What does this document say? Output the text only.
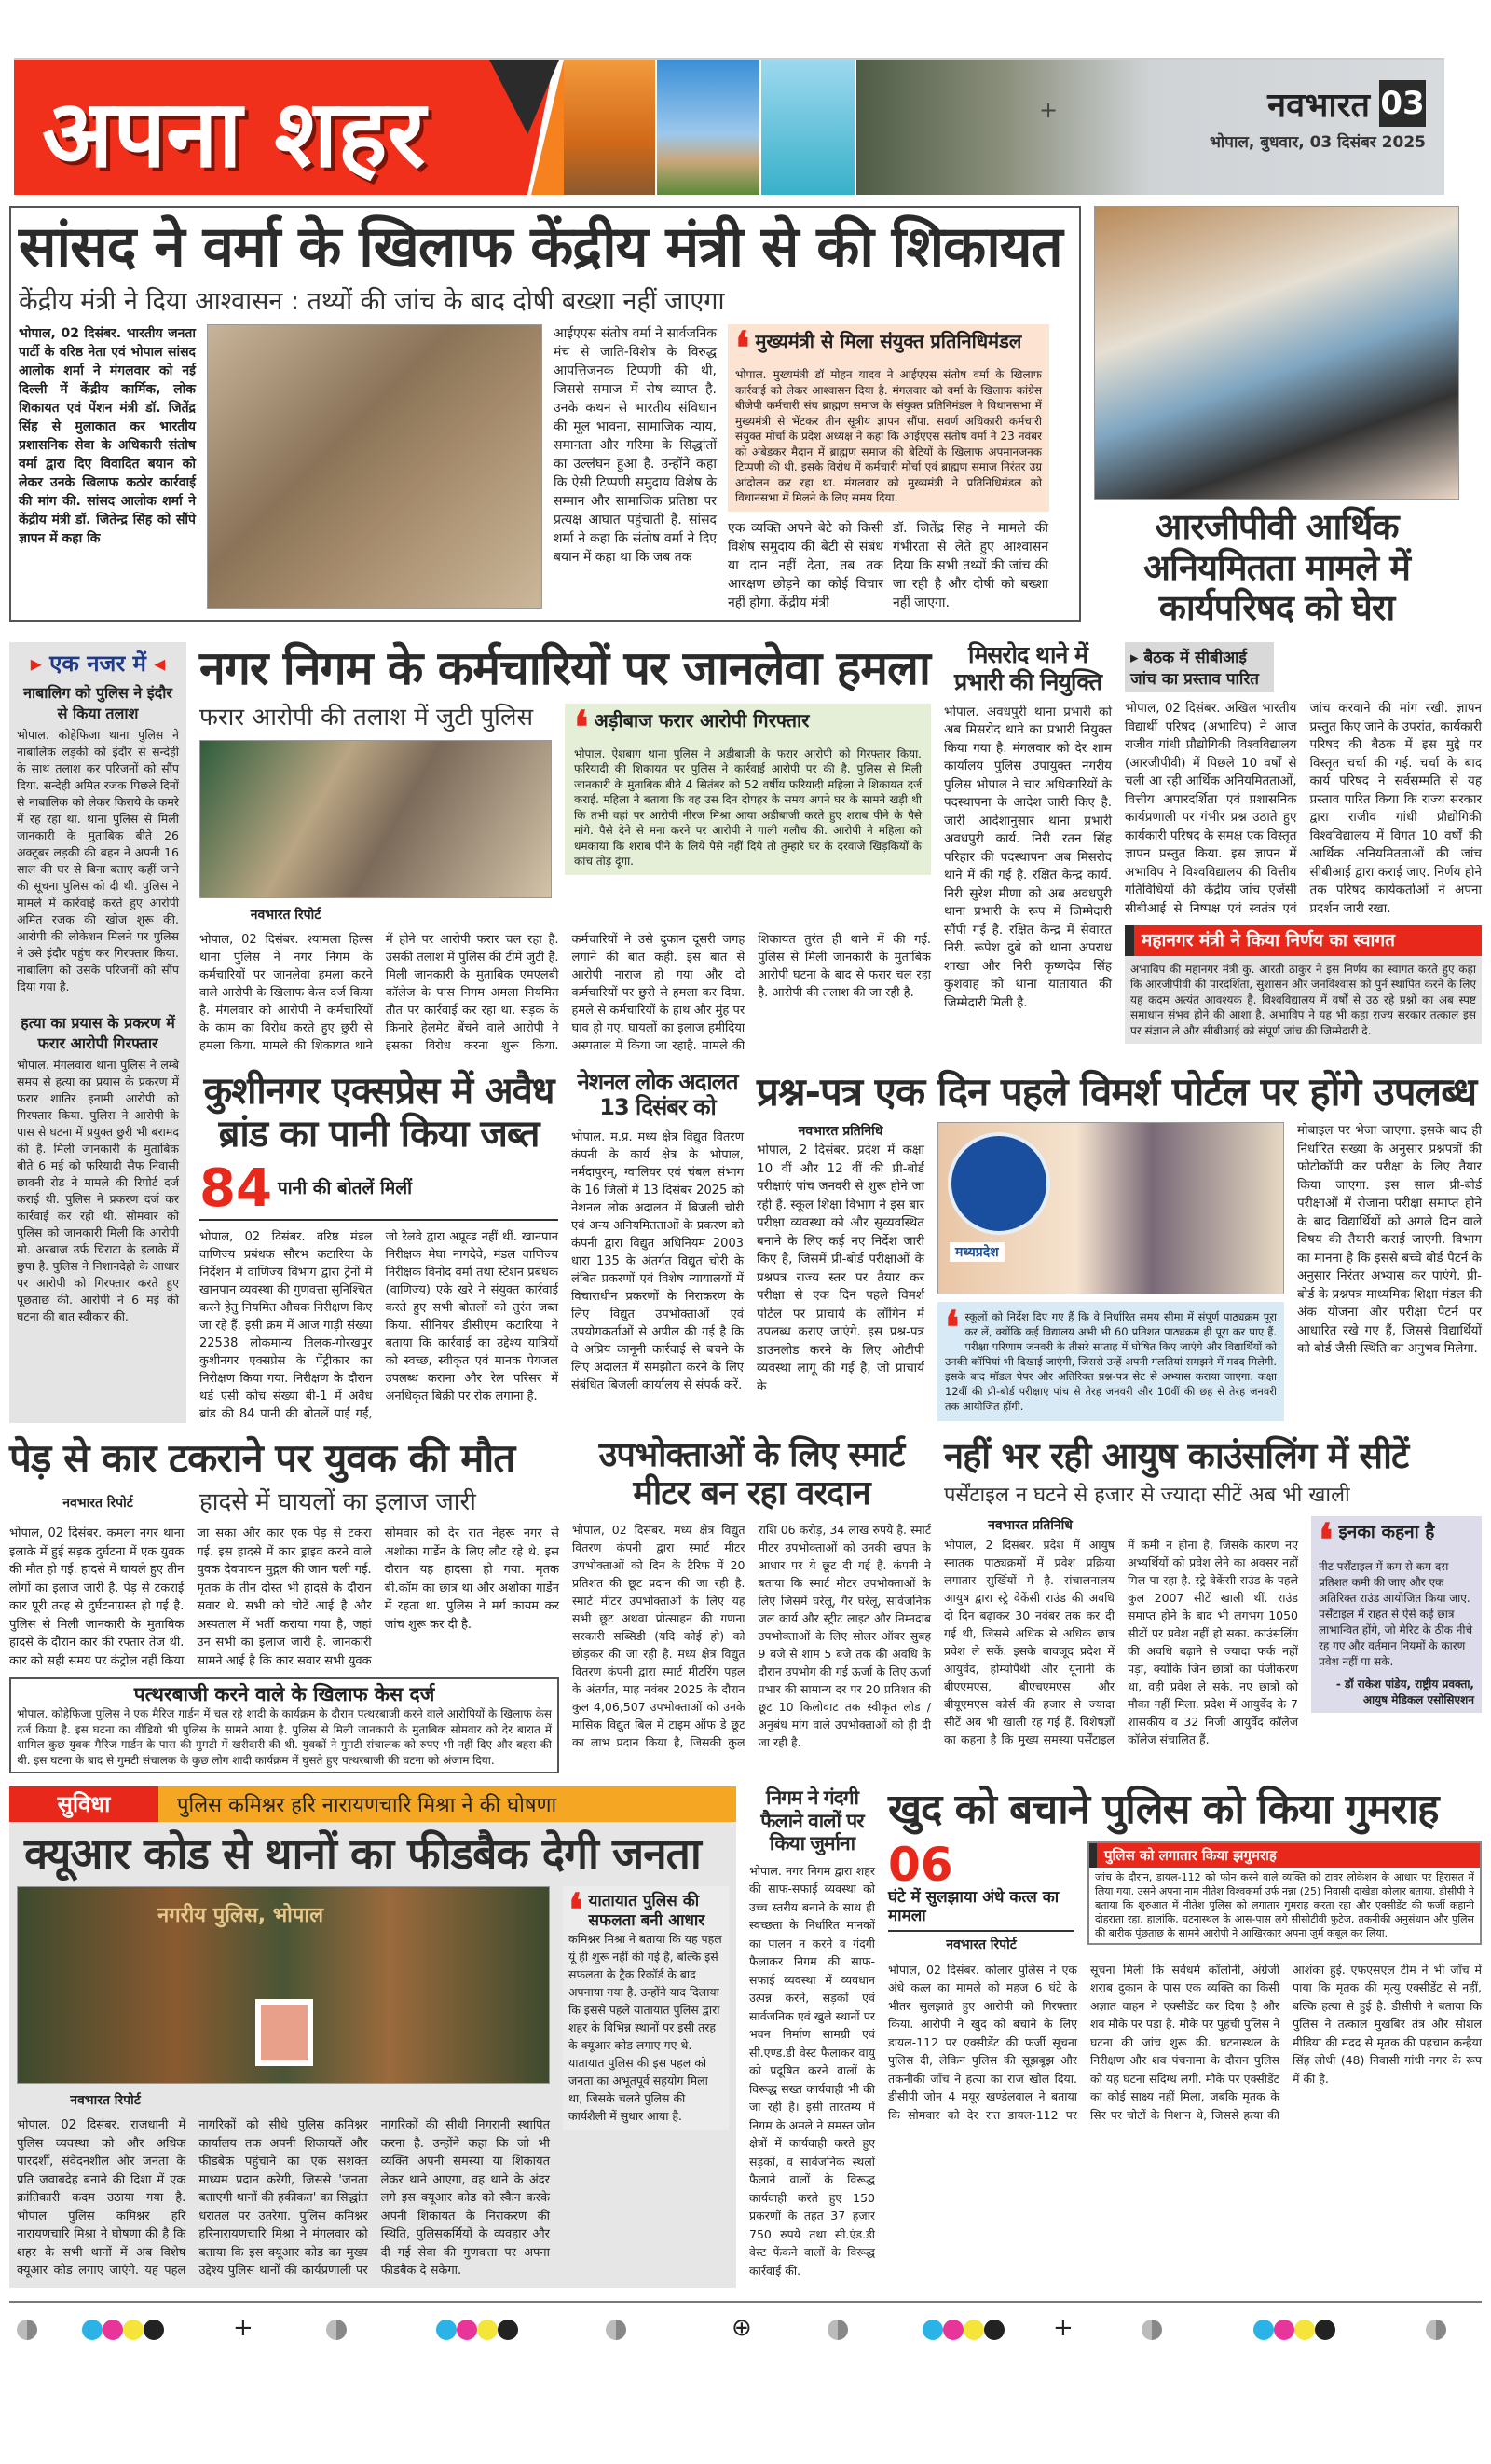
अपना शहर	+	नवभारत 03
भोपाल, बुधवार, 03 दिसंबर 2025
सांसद ने वर्मा के खिलाफ केंद्रीय मंत्री से की शिकायत
केंद्रीय मंत्री ने दिया आश्वासन : तथ्यों की जांच के बाद दोषी बख्शा नहीं जाएगा
भोपाल, 02 दिसंबर. भारतीय जनता पार्टी के वरिष्ठ नेता एवं भोपाल सांसद आलोक शर्मा ने मंगलवार को नई दिल्ली में केंद्रीय कार्मिक, लोक शिकायत एवं पेंशन मंत्री डॉ. जितेंद्र सिंह से मुलाकात कर भारतीय प्रशासनिक सेवा के अधिकारी संतोष वर्मा द्वारा दिए विवादित बयान को लेकर उनके खिलाफ कठोर कार्रवाई की मांग की. सांसद आलोक शर्मा ने केंद्रीय मंत्री डॉ. जितेन्द्र सिंह को सौंपे ज्ञापन में कहा कि
आईएएस संतोष वर्मा ने सार्वजनिक मंच से जाति-विशेष के विरुद्ध आपत्तिजनक टिप्पणी की थी, जिससे समाज में रोष व्याप्त है. उनके कथन से भारतीय संविधान की मूल भावना, सामाजिक न्याय, समानता और गरिमा के सिद्धांतों का उल्लंघन हुआ है. उन्होंने कहा कि ऐसी टिप्पणी समुदाय विशेष के सम्मान और सामाजिक प्रतिष्ठा पर प्रत्यक्ष आघात पहुंचाती है. सांसद शर्मा ने कहा कि संतोष वर्मा ने दिए बयान में कहा था कि जब तक
❛ मुख्यमंत्री से मिला संयुक्त प्रतिनिधिमंडल
भोपाल. मुख्यमंत्री डॉ मोहन यादव ने आईएएस संतोष वर्मा के खिलाफ कार्रवाई को लेकर आश्वासन दिया है. मंगलवार को वर्मा के खिलाफ कांग्रेस बीजेपी कर्मचारी संघ ब्राह्मण समाज के संयुक्त प्रतिनिमंडल ने विधानसभा में मुख्यमंत्री से भेंटकर तीन सूत्रीय ज्ञापन सौंपा. सवर्ण अधिकारी कर्मचारी संयुक्त मोर्चा के प्रदेश अध्यक्ष ने कहा कि आईएएस संतोष वर्मा ने 23 नवंबर को अंबेडकर मैदान में ब्राह्मण समाज की बेटियों के खिलाफ अपमानजनक टिप्पणी की थी. इसके विरोध में कर्मचारी मोर्चा एवं ब्राह्मण समाज निरंतर उग्र आंदोलन कर रहा था. मंगलवार को मुख्यमंत्री ने प्रतिनिधिमंडल को विधानसभा में मिलने के लिए समय दिया.
एक व्यक्ति अपने बेटे को किसी विशेष समुदाय की बेटी से संबंध या दान नहीं देता, तब तक आरक्षण छोड़ने का कोई विचार नहीं होगा. केंद्रीय मंत्री
डॉ. जितेंद्र सिंह ने मामले की गंभीरता से लेते हुए आश्वासन दिया कि सभी तथ्यों की जांच की जा रही है और दोषी को बख्शा नहीं जाएगा.
आरजीपीवी आर्थिक अनियमितता मामले में कार्यपरिषद को घेरा
▸ एक नजर में ◂
नाबालिग को पुलिस ने इंदौर से किया तलाश
भोपाल. कोहेफिजा थाना पुलिस ने नाबालिक लड़की को इंदौर से सन्देही के साथ तलाश कर परिजनों को सौंप दिया. सन्देही अमित रजक पिछले दिनों से नाबालिक को लेकर किराये के कमरे में रह रहा था. थाना पुलिस से मिली जानकारी के मुताबिक बीते 26 अक्टूबर लड़की की बहन ने अपनी 16 साल की घर से बिना बताए कहीं जाने की सूचना पुलिस को दी थी. पुलिस ने मामले में कार्रवाई करते हुए आरोपी अमित रजक की खोज शुरू की. आरोपी की लोकेशन मिलने पर पुलिस ने उसे इंदौर पहुंच कर गिरफ्तार किया. नाबालिग को उसके परिजनों को सौंप दिया गया है.
हत्या का प्रयास के प्रकरण में फरार आरोपी गिरफ्तार
भोपाल. मंगलवारा थाना पुलिस ने लम्बे समय से हत्या का प्रयास के प्रकरण में फरार शातिर इनामी आरोपी को गिरफ्तार किया. पुलिस ने आरोपी के पास से घटना में प्रयुक्त छुरी भी बरामद की है. मिली जानकारी के मुताबिक बीते 6 मई को फरियादी सैफ निवासी छावनी रोड ने मामले की रिपोर्ट दर्ज कराई थी. पुलिस ने प्रकरण दर्ज कर कार्रवाई कर रही थी. सोमवार को पुलिस को जानकारी मिली कि आरोपी मो. अरबाज उर्फ चिराटा के इलाके में छुपा है. पुलिस ने निशानदेही के आधार पर आरोपी को गिरफ्तार करते हुए पूछताछ की. आरोपी ने 6 मई की घटना की बात स्वीकार की.
नगर निगम के कर्मचारियों पर जानलेवा हमला
फरार आरोपी की तलाश में जुटी पुलिस ❛ अड़ीबाज फरार आरोपी गिरफ्तार
भोपाल. ऐशबाग थाना पुलिस ने अडीबाजी के फरार आरोपी को गिरफ्तार किया. फरियादी की शिकायत पर पुलिस ने कार्रवाई आरोपी पर की है. पुलिस से मिली जानकारी के मुताबिक बीते 4 सितंबर को 52 वर्षीय फरियादी महिला ने शिकायत दर्ज कराई. महिला ने बताया कि वह उस दिन दोपहर के समय अपने घर के सामने खड़ी थी कि तभी वहां पर आरोपी नीरज मिश्रा आया अडीबाजी करते हुए शराब पीने के पैसे मांगे. पैसे देने से मना करने पर आरोपी ने गाली गलौच की. आरोपी ने महिला को धमकाया कि शराब पीने के लिये पैसे नहीं दिये तो तुम्हारे घर के दरवाजे खिड़कियों के कांच तोड़ दूंगा.
नवभारत रिपोर्ट
भोपाल, 02 दिसंबर. श्यामला हिल्स थाना पुलिस ने नगर निगम के कर्मचारियों पर जानलेवा हमला करने वाले आरोपी के खिलाफ केस दर्ज किया है. मंगलवार को आरोपी ने कर्मचारियों के काम का विरोध करते हुए छुरी से हमला किया. मामले की शिकायत थाने में होने पर आरोपी फरार चल रहा है. उसकी तलाश में पुलिस की टीमें जुटी है. मिली जानकारी के मुताबिक एमएलबी कॉलेज के पास निगम अमला नियमित तौत पर कार्रवाई कर रहा था. सड़क के किनारे हेलमेट बेंचने वाले आरोपी ने इसका विरोध करना शुरू किया. कर्मचारियों ने उसे दुकान दूसरी जगह लगाने की बात कही. इस बात से आरोपी नाराज हो गया और दो कर्मचारियों पर छुरी से हमला कर दिया. हमले से कर्मचारियों के हाथ और मुंह पर घाव हो गए. घायलों का इलाज हमीदिया अस्पताल में किया जा रहाहै. मामले की शिकायत तुरंत ही थाने में की गई. पुलिस से मिली जानकारी के मुताबिक आरोपी घटना के बाद से फरार चल रहा है. आरोपी की तलाश की जा रही है.
मिसरोद थाने में प्रभारी की नियुक्ति
भोपाल. अवधपुरी थाना प्रभारी को अब मिसरोद थाने का प्रभारी नियुक्त किया गया है. मंगलवार को देर शाम कार्यालय पुलिस उपायुक्त नगरीय पुलिस भोपाल ने चार अधिकारियों के पदस्थापना के आदेश जारी किए है. जारी आदेशानुसार थाना प्रभारी अवधपुरी कार्य. निरी रतन सिंह परिहार की पदस्थापना अब मिसरोद थाने में की गई है. रक्षित केन्द्र कार्य. निरी सुरेश मीणा को अब अवधपुरी थाना प्रभारी के रूप में जिम्मेदारी सौंपी गई है. रक्षित केन्द्र में सेवारत निरी. रूपेश दुबे को थाना अपराध शाखा और निरी कृष्णदेव सिंह कुशवाह को थाना यातायात की जिम्मेदारी मिली है.
▸ बैठक में सीबीआई जांच का प्रस्ताव पारित
भोपाल, 02 दिसंबर. अखिल भारतीय विद्यार्थी परिषद (अभाविप) ने आज राजीव गांधी प्रौद्योगिकी विश्वविद्यालय (आरजीपीवी) में पिछले 10 वर्षों से चली आ रही आर्थिक अनियमितताओं, वित्तीय अपारदर्शिता एवं प्रशासनिक कार्यप्रणाली पर गंभीर प्रश्न उठाते हुए कार्यकारी परिषद के समक्ष एक विस्तृत ज्ञापन प्रस्तुत किया. इस ज्ञापन में अभाविप ने विश्वविद्यालय की वित्तीय गतिविधियों की केंद्रीय जांच एजेंसी सीबीआई से निष्पक्ष एवं स्वतंत्र एवं जांच करवाने की मांग रखी. ज्ञापन प्रस्तुत किए जाने के उपरांत, कार्यकारी परिषद की बैठक में इस मुद्दे पर विस्तृत चर्चा की गई. चर्चा के बाद कार्य परिषद ने सर्वसम्मति से यह प्रस्ताव पारित किया कि राज्य सरकार द्वारा राजीव गांधी प्रौद्योगिकी विश्वविद्यालय में विगत 10 वर्षों की आर्थिक अनियमितताओं की जांच सीबीआई द्वारा कराई जाए. निर्णय होने तक परिषद कार्यकर्ताओं ने अपना प्रदर्शन जारी रखा.
महानगर मंत्री ने किया निर्णय का स्वागत
अभाविप की महानगर मंत्री कु. आरती ठाकुर ने इस निर्णय का स्वागत करते हुए कहा कि आरजीपीवी की पारदर्शिता, सुशासन और जनविश्वास को पुर्न स्थापित करने के लिए यह कदम अत्यंत आवश्यक है. विश्वविद्यालय में वर्षों से उठ रहे प्रश्नों का अब स्पष्ट समाधान संभव होने की आशा है. अभाविप ने यह भी कहा राज्य सरकार तत्काल इस पर संज्ञान ले और सीबीआई को संपूर्ण जांच की जिम्मेदारी दे.
कुशीनगर एक्सप्रेस में अवैध ब्रांड का पानी किया जब्त
84 पानी की बोतलें मिलीं
भोपाल, 02 दिसंबर. वरिष्ठ मंडल वाणिज्य प्रबंधक सौरभ कटारिया के निर्देशन में वाणिज्य विभाग द्वारा ट्रेनों में खानपान व्यवस्था की गुणवत्ता सुनिश्चित करने हेतु नियमित औचक निरीक्षण किए जा रहे हैं. इसी क्रम में आज गाड़ी संख्या 22538 लोकमान्य तिलक-गोरखपुर कुशीनगर एक्सप्रेस के पेंट्रीकार का निरीक्षण किया गया. निरीक्षण के दौरान थर्ड एसी कोच संख्या बी-1 में अवैध ब्रांड की 84 पानी की बोतलें पाई गईं, जो रेलवे द्वारा अप्रूव्ड नहीं थीं. खानपान निरीक्षक मेघा नागदेवे, मंडल वाणिज्य निरीक्षक विनोद वर्मा तथा स्टेशन प्रबंधक (वाणिज्य) एके खरे ने संयुक्त कार्रवाई करते हुए सभी बोतलों को तुरंत जब्त किया. सीनियर डीसीएम कटारिया ने बताया कि कार्रवाई का उद्देश्य यात्रियों को स्वच्छ, स्वीकृत एवं मानक पेयजल उपलब्ध कराना और रेल परिसर में अनधिकृत बिक्री पर रोक लगाना है.
नेशनल लोक अदालत 13 दिसंबर को
भोपाल. म.प्र. मध्य क्षेत्र विद्युत वितरण कंपनी के कार्य क्षेत्र के भोपाल, नर्मदापुरम्, ग्वालियर एवं चंबल संभाग के 16 जिलों में 13 दिसंबर 2025 को नेशनल लोक अदालत में बिजली चोरी एवं अन्य अनियमितताओं के प्रकरण को कंपनी द्वारा विद्युत अधिनियम 2003 धारा 135 के अंतर्गत विद्युत चोरी के लंबित प्रकरणों एवं विशेष न्यायालयों में विचाराधीन प्रकरणों के निराकरण के लिए विद्युत उपभोक्ताओं एवं उपयोगकर्ताओं से अपील की गई है कि वे अप्रिय कानूनी कार्रवाई से बचने के लिए अदालत में समझौता करने के लिए संबंधित बिजली कार्यालय से संपर्क करें.
प्रश्न-पत्र एक दिन पहले विमर्श पोर्टल पर होंगे उपलब्ध
नवभारत प्रतिनिधि
भोपाल, 2 दिसंबर. प्रदेश में कक्षा 10 वीं और 12 वीं की प्री-बोर्ड परीक्षाएं पांच जनवरी से शुरू होने जा रही हैं. स्कूल शिक्षा विभाग ने इस बार परीक्षा व्यवस्था को और सुव्यवस्थित बनाने के लिए कई नए निर्देश जारी किए है, जिसमें प्री-बोर्ड परीक्षाओं के प्रश्नपत्र राज्य स्तर पर तैयार कर परीक्षा से एक दिन पहले विमर्श पोर्टल पर प्राचार्य के लॉगिन में उपलब्ध कराए जाएंगे. इस प्रश्न-पत्र डाउनलोड करने के लिए ओटीपी व्यवस्था लागू की गई है, जो प्राचार्य के
मध्यप्रदेश
❛ स्कूलों को निर्देश दिए गए हैं कि वे निर्धारित समय सीमा में संपूर्ण पाठ्यक्रम पूरा कर लें, क्योंकि कई विद्यालय अभी भी 60 प्रतिशत पाठ्यक्रम ही पूरा कर पाए हैं. परीक्षा परिणाम जनवरी के तीसरे सप्ताह में घोषित किए जाएंगे और विद्यार्थियों को उनकी कॉपियां भी दिखाई जाएंगी, जिससे उन्हें अपनी गलतियां समझने में मदद मिलेगी. इसके बाद मॉडल पेपर और अतिरिक्त प्रश्न-पत्र सेट से अभ्यास कराया जाएगा. कक्षा 12वीं की प्री-बोर्ड परीक्षाएं पांच से तेरह जनवरी और 10वीं की छह से तेरह जनवरी तक आयोजित होंगी.
मोबाइल पर भेजा जाएगा. इसके बाद ही निर्धारित संख्या के अनुसार प्रश्नपत्रों की फोटोकॉपी कर परीक्षा के लिए तैयार किया जाएगा. इस साल प्री-बोर्ड परीक्षाओं में रोजाना परीक्षा समाप्त होने के बाद विद्यार्थियों को अगले दिन वाले विषय की तैयारी कराई जाएगी. विभाग का मानना है कि इससे बच्चे बोर्ड पैटर्न के अनुसार निरंतर अभ्यास कर पाएंगे. प्री-बोर्ड के प्रश्नपत्र माध्यमिक शिक्षा मंडल की अंक योजना और परीक्षा पैटर्न पर आधारित रखे गए हैं, जिससे विद्यार्थियों को बोर्ड जैसी स्थिति का अनुभव मिलेगा.
पेड़ से कार टकराने पर युवक की मौत
नवभारत रिपोर्ट	हादसे में घायलों का इलाज जारी
भोपाल, 02 दिसंबर. कमला नगर थाना इलाके में हुई सड़क दुर्घटना में एक युवक की मौत हो गई. हादसे में घायले हुए तीन लोगों का इलाज जारी है. पेड़ से टकराई कार पूरी तरह से दुर्घटनाग्रस्त हो गई है. पुलिस से मिली जानकारी के मुताबिक हादसे के दौरान कार की रफ्तार तेज थी. कार को सही समय पर कंट्रोल नहीं किया जा सका और कार एक पेड़ से टकरा गई. इस हादसे में कार ड्राइव करने वाले युवक देवपायन मुद्गल की जान चली गई. मृतक के तीन दोस्त भी हादसे के दौरान सवार थे. सभी को चोटें आई है और अस्पताल में भर्ती कराया गया है, जहां उन सभी का इलाज जारी है. जानकारी सामने आई है कि कार सवार सभी युवक सोमवार को देर रात नेहरू नगर से अशोका गार्डेन के लिए लौट रहे थे. इस दौरान यह हादसा हो गया. मृतक बी.कॉम का छात्र था और अशोका गार्डेन में रहता था. पुलिस ने मर्ग कायम कर जांच शुरू कर दी है.
पत्थरबाजी करने वाले के खिलाफ केस दर्ज
भोपाल. कोहेफिजा पुलिस ने एक मैरिज गार्डन में चल रहे शादी के कार्यक्रम के दौरान पत्थरबाजी करने वाले आरोपियों के खिलाफ केस दर्ज किया है. इस घटना का वीडियो भी पुलिस के सामने आया है. पुलिस से मिली जानकारी के मुताबिक सोमवार को देर बारात में शामिल कुछ युवक मैरिज गार्डन के पास की गुमटी में खरीदारी की थी. युवकों ने गुमटी संचालक को रुपए भी नहीं दिए और बहस की थी. इस घटना के बाद से गुमटी संचालक के कुछ लोग शादी कार्यक्रम में घुसते हुए पत्थरबाजी की घटना को अंजाम दिया.
उपभोक्ताओं के लिए स्मार्ट मीटर बन रहा वरदान
भोपाल, 02 दिसंबर. मध्य क्षेत्र विद्युत वितरण कंपनी द्वारा स्मार्ट मीटर उपभोक्ताओं को दिन के टैरिफ में 20 प्रतिशत की छूट प्रदान की जा रही है. स्मार्ट मीटर उपभोक्ताओं के लिए यह सभी छूट अथवा प्रोत्साहन की गणना सरकारी सब्सिडी (यदि कोई हो) को छोड़कर की जा रही है. मध्य क्षेत्र विद्युत वितरण कंपनी द्वारा स्मार्ट मीटरिंग पहल के अंतर्गत, माह नवंबर 2025 के दौरान कुल 4,06,507 उपभोक्ताओं को उनके मासिक विद्युत बिल में टाइम ऑफ डे छूट का लाभ प्रदान किया है, जिसकी कुल राशि 06 करोड़, 34 लाख रुपये है. स्मार्ट मीटर उपभोक्ताओं को उनकी खपत के आधार पर ये छूट दी गई है. कंपनी ने बताया कि स्मार्ट मीटर उपभोक्ताओं के लिए जिसमें घरेलू, गैर घरेलू, सार्वजनिक जल कार्य और स्ट्रीट लाइट और निम्नदाब उपभोक्ताओं के लिए सोलर ऑवर सुबह 9 बजे से शाम 5 बजे तक की अवधि के दौरान उपभोग की गई ऊर्जा के लिए ऊर्जा प्रभार की सामान्य दर पर 20 प्रतिशत की छूट 10 किलोवाट तक स्वीकृत लोड / अनुबंध मांग वाले उपभोक्ताओं को ही दी जा रही है.
नहीं भर रही आयुष काउंसलिंग में सीटें
पर्सेंटाइल न घटने से हजार से ज्यादा सीटें अब भी खाली
नवभारत प्रतिनिधि
भोपाल, 2 दिसंबर. प्रदेश में आयुष स्नातक पाठ्यक्रमों में प्रवेश प्रक्रिया लगातार सुर्खियों में है. संचालनालय आयुष द्वारा स्ट्रे वेकेंसी राउंड की अवधि दो दिन बढ़ाकर 30 नवंबर तक कर दी गई थी, जिससे अधिक से अधिक छात्र प्रवेश ले सकें. इसके बावजूद प्रदेश में आयुर्वेद, होम्योपैथी और यूनानी के बीएएमएस, बीएचएमएस और बीयूएमएस कोर्स की हजार से ज्यादा सीटें अब भी खाली रह गई हैं. विशेषज्ञों का कहना है कि मुख्य समस्या पर्सेंटाइल में कमी न होना है, जिसके कारण नए अभ्यर्थियों को प्रवेश लेने का अवसर नहीं मिल पा रहा है. स्ट्रे वेकेंसी राउंड के पहले कुल 2007 सीटें खाली थीं. राउंड समाप्त होने के बाद भी लगभग 1050 सीटों पर प्रवेश नहीं हो सका. काउंसलिंग की अवधि बढ़ाने से ज्यादा फर्क नहीं पड़ा, क्योंकि जिन छात्रों का पंजीकरण था, वही प्रवेश ले सके. नए छात्रों को मौका नहीं मिला. प्रदेश में आयुर्वेद के 7 शासकीय व 32 निजी आयुर्वेद कॉलेज कॉलेज संचालित हैं.
❛ इनका कहना है
नीट पर्सेंटाइल में कम से कम दस प्रतिशत कमी की जाए और एक अतिरिक्त राउंड आयोजित किया जाए. पर्सेंटाइल में राहत से ऐसे कई छात्र लाभान्वित होंगे, जो मेरिट के ठीक नीचे रह गए और वर्तमान नियमों के कारण प्रवेश नहीं पा सके.
- डॉ राकेश पांडेय, राष्ट्रीय प्रवक्ता, आयुष मेडिकल एसोसिएशन
सुविधा	पुलिस कमिश्नर हरि नारायणचारि मिश्रा ने की घोषणा
क्यूआर कोड से थानों का फीडबैक देगी जनता
नगरीय पुलिस, भोपाल
नवभारत रिपोर्ट
भोपाल, 02 दिसंबर. राजधानी में पुलिस व्यवस्था को और अधिक पारदर्शी, संवेदनशील और जनता के प्रति जवाबदेह बनाने की दिशा में एक क्रांतिकारी कदम उठाया गया है. भोपाल पुलिस कमिश्नर हरि नारायणचारि मिश्रा ने घोषणा की है कि शहर के सभी थानों में अब विशेष क्यूआर कोड लगाए जाएंगे. यह पहल नागरिकों को सीधे पुलिस कमिश्नर कार्यालय तक अपनी शिकायतें और फीडबैक पहुंचाने का एक सशक्त माध्यम प्रदान करेगी, जिससे 'जनता बताएगी थानों की हकीकत' का सिद्धांत धरातल पर उतरेगा. पुलिस कमिश्नर हरिनारायणचारि मिश्रा ने मंगलवार को बताया कि इस क्यूआर कोड का मुख्य उद्देश्य पुलिस थानों की कार्यप्रणाली पर नागरिकों की सीधी निगरानी स्थापित करना है. उन्होंने कहा कि जो भी व्यक्ति अपनी समस्या या शिकायत लेकर थाने आएगा, वह थाने के अंदर लगे इस क्यूआर कोड को स्कैन करके अपनी शिकायत के निराकरण की स्थिति, पुलिसकर्मियों के व्यवहार और दी गई सेवा की गुणवत्ता पर अपना फीडबैक दे सकेगा.
❛ यातायात पुलिस की सफलता बनी आधार
कमिश्नर मिश्रा ने बताया कि यह पहल यूं ही शुरू नहीं की गई है, बल्कि इसे सफलता के ट्रैक रिकॉर्ड के बाद अपनाया गया है. उन्होंने याद दिलाया कि इससे पहले यातायात पुलिस द्वारा शहर के विभिन्न स्थानों पर इसी तरह के क्यूआर कोड लगाए गए थे. यातायात पुलिस की इस पहल को जनता का अभूतपूर्व सहयोग मिला था, जिसके चलते पुलिस की कार्यशैली में सुधार आया है.
निगम ने गंदगी फैलाने वालों पर किया जुर्माना
भोपाल. नगर निगम द्वारा शहर की साफ-सफाई व्यवस्था को उच्च स्तरीय बनाने के साथ ही स्वच्छता के निर्धारित मानकों का पालन न करने व गंदगी फैलाकर निगम की साफ-सफाई व्यवस्था में व्यवधान उत्पन्न करने, सड़कों एवं सार्वजनिक एवं खुले स्थानों पर भवन निर्माण सामग्री एवं सी.एण्ड.डी वेस्ट फैलाकर वायु को प्रदूषित करने वालों के विरूद्ध सख्त कार्यवाही भी की जा रही है। इसी तारतम्य में निगम के अमले ने समस्त जोन क्षेत्रों में कार्यवाही करते हुए सड़कों, व सार्वजनिक स्थलों फैलाने वालों के विरूद्ध कार्यवाही करते हुए 150 प्रकरणों के तहत 37 हजार 750 रुपये तथा सी.एंड.डी वेस्ट फेंकने वालों के विरूद्ध कार्रवाई की.
खुद को बचाने पुलिस को किया गुमराह
06
घंटे में सुलझाया अंधे कत्ल का मामला
नवभारत रिपोर्ट
पुलिस को लगातार किया झगुमराह
जांच के दौरान, डायल-112 को फोन करने वाले व्यक्ति को टावर लोकेशन के आधार पर हिरासत में लिया गया. उसने अपना नाम नीतेश विश्वकर्मा उर्फ नन्ना (25) निवासी दाखेडा कोलार बताया. डीसीपी ने बताया कि शुरुआत में नीतेश पुलिस को लगातार गुमराह करता रहा और एक्सीडेंट की फर्जी कहानी दोहराता रहा. हालांकि, घटनास्थल के आस-पास लगे सीसीटीवी फुटेज, तकनीकी अनुसंधान और पुलिस की बारीक पूंछताछ के सामने आरोपी ने आखिरकार अपना जुर्म कबूल कर लिया.
भोपाल, 02 दिसंबर. कोलार पुलिस ने एक अंधे कत्ल का मामले को महज 6 घंटे के भीतर सुलझाते हुए आरोपी को गिरफ्तार किया. आरोपी ने खुद को बचाने के लिए डायल-112 पर एक्सीडेंट की फर्जी सूचना पुलिस दी, लेकिन पुलिस की सूझबूझ और तकनीकी जाँच ने हत्या का राज खोल दिया. डीसीपी जोन 4 मयूर खण्डेलवाल ने बताया कि सोमवार को देर रात डायल-112 पर सूचना मिली कि सर्वधर्म कॉलोनी, अंग्रेजी शराब दुकान के पास एक व्यक्ति का किसी अज्ञात वाहन ने एक्सीडेंट कर दिया है और शव मौके पर पड़ा है. मौके पर पुहंची पुलिस ने घटना की जांच शुरू की. घटनास्थल के निरीक्षण और शव पंचनामा के दौरान पुलिस को यह घटना संदिग्ध लगी. मौके पर एक्सीडेंट का कोई साक्ष्य नहीं मिला, जबकि मृतक के सिर पर चोटों के निशान थे, जिससे हत्या की आशंका हुई. एफएसएल टीम ने भी जाँच में पाया कि मृतक की मृत्यु एक्सीडेंट से नहीं, बल्कि हत्या से हुई है. डीसीपी ने बताया कि पुलिस ने तत्काल मुखबिर तंत्र और सोशल मीडिया की मदद से मृतक की पहचान कन्हैया सिंह लोधी (48) निवासी गांधी नगर के रूप में की है.
+	⊕	+
